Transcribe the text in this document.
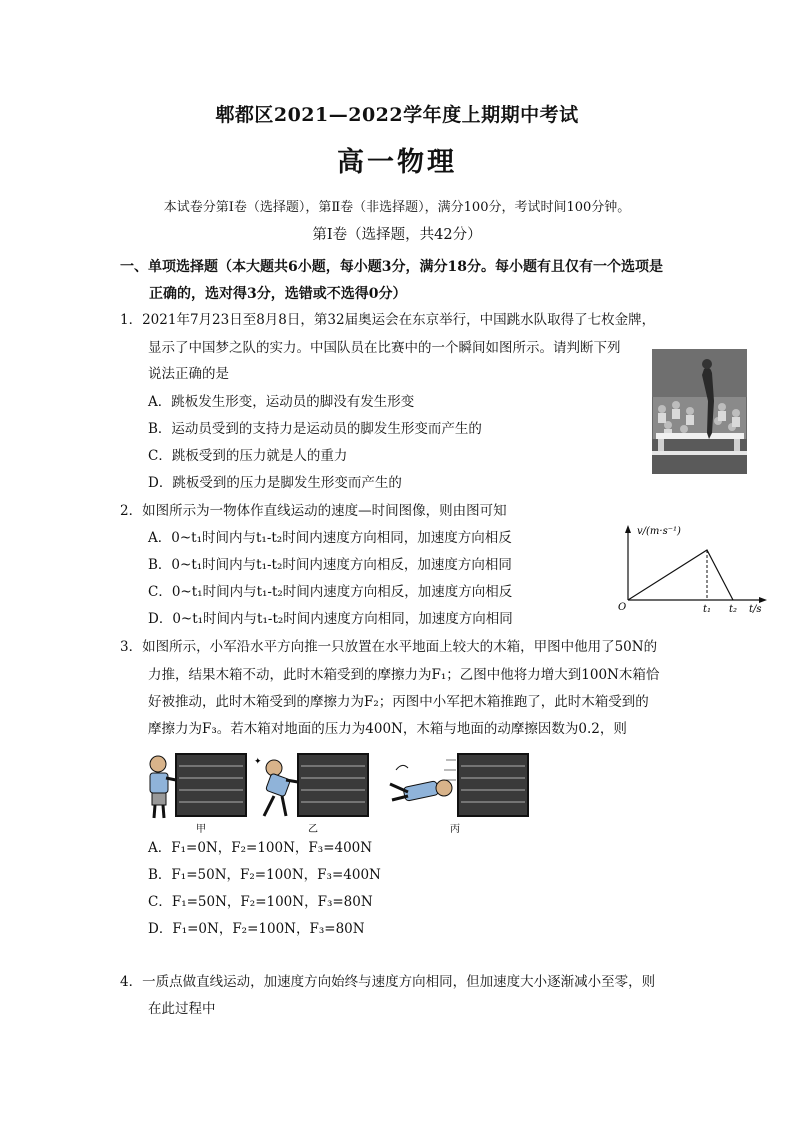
郫都区2021—2022学年度上期期中考试
高一物理
本试卷分第Ⅰ卷（选择题），第Ⅱ卷（非选择题），满分100分，考试时间100分钟。
第Ⅰ卷（选择题，共42分）
一、单项选择题（本大题共6小题，每小题3分，满分18分。每小题有且仅有一个选项是
正确的，选对得3分，选错或不选得0分）
1．2021年7月23日至8月8日，第32届奥运会在东京举行，中国跳水队取得了七枚金牌，
显示了中国梦之队的实力。中国队员在比赛中的一个瞬间如图所示。请判断下列
说法正确的是
A．跳板发生形变，运动员的脚没有发生形变
B．运动员受到的支持力是运动员的脚发生形变而产生的
C．跳板受到的压力就是人的重力
D．跳板受到的压力是脚发生形变而产生的
2．如图所示为一物体作直线运动的速度—时间图像，则由图可知
A．0~t₁时间内与t₁-t₂时间内速度方向相同，加速度方向相反
B．0~t₁时间内与t₁-t₂时间内速度方向相反，加速度方向相同
C．0~t₁时间内与t₁-t₂时间内速度方向相反，加速度方向相反
D．0~t₁时间内与t₁-t₂时间内速度方向相同，加速度方向相同
v/(m·s⁻¹)
t/s
O	t₁ t₂
3．如图所示，小军沿水平方向推一只放置在水平地面上较大的木箱，甲图中他用了50N的
力推，结果木箱不动，此时木箱受到的摩擦力为F₁；乙图中他将力增大到100N木箱恰
好被推动，此时木箱受到的摩擦力为F₂；丙图中小军把木箱推跑了，此时木箱受到的
摩擦力为F₃。若木箱对地面的压力为400N，木箱与地面的动摩擦因数为0.2，则
✦
甲	乙	丙
A．F₁=0N，F₂=100N，F₃=400N
B．F₁=50N，F₂=100N，F₃=400N
C．F₁=50N，F₂=100N，F₃=80N
D．F₁=0N，F₂=100N，F₃=80N
4．一质点做直线运动，加速度方向始终与速度方向相同，但加速度大小逐渐减小至零，则
在此过程中
